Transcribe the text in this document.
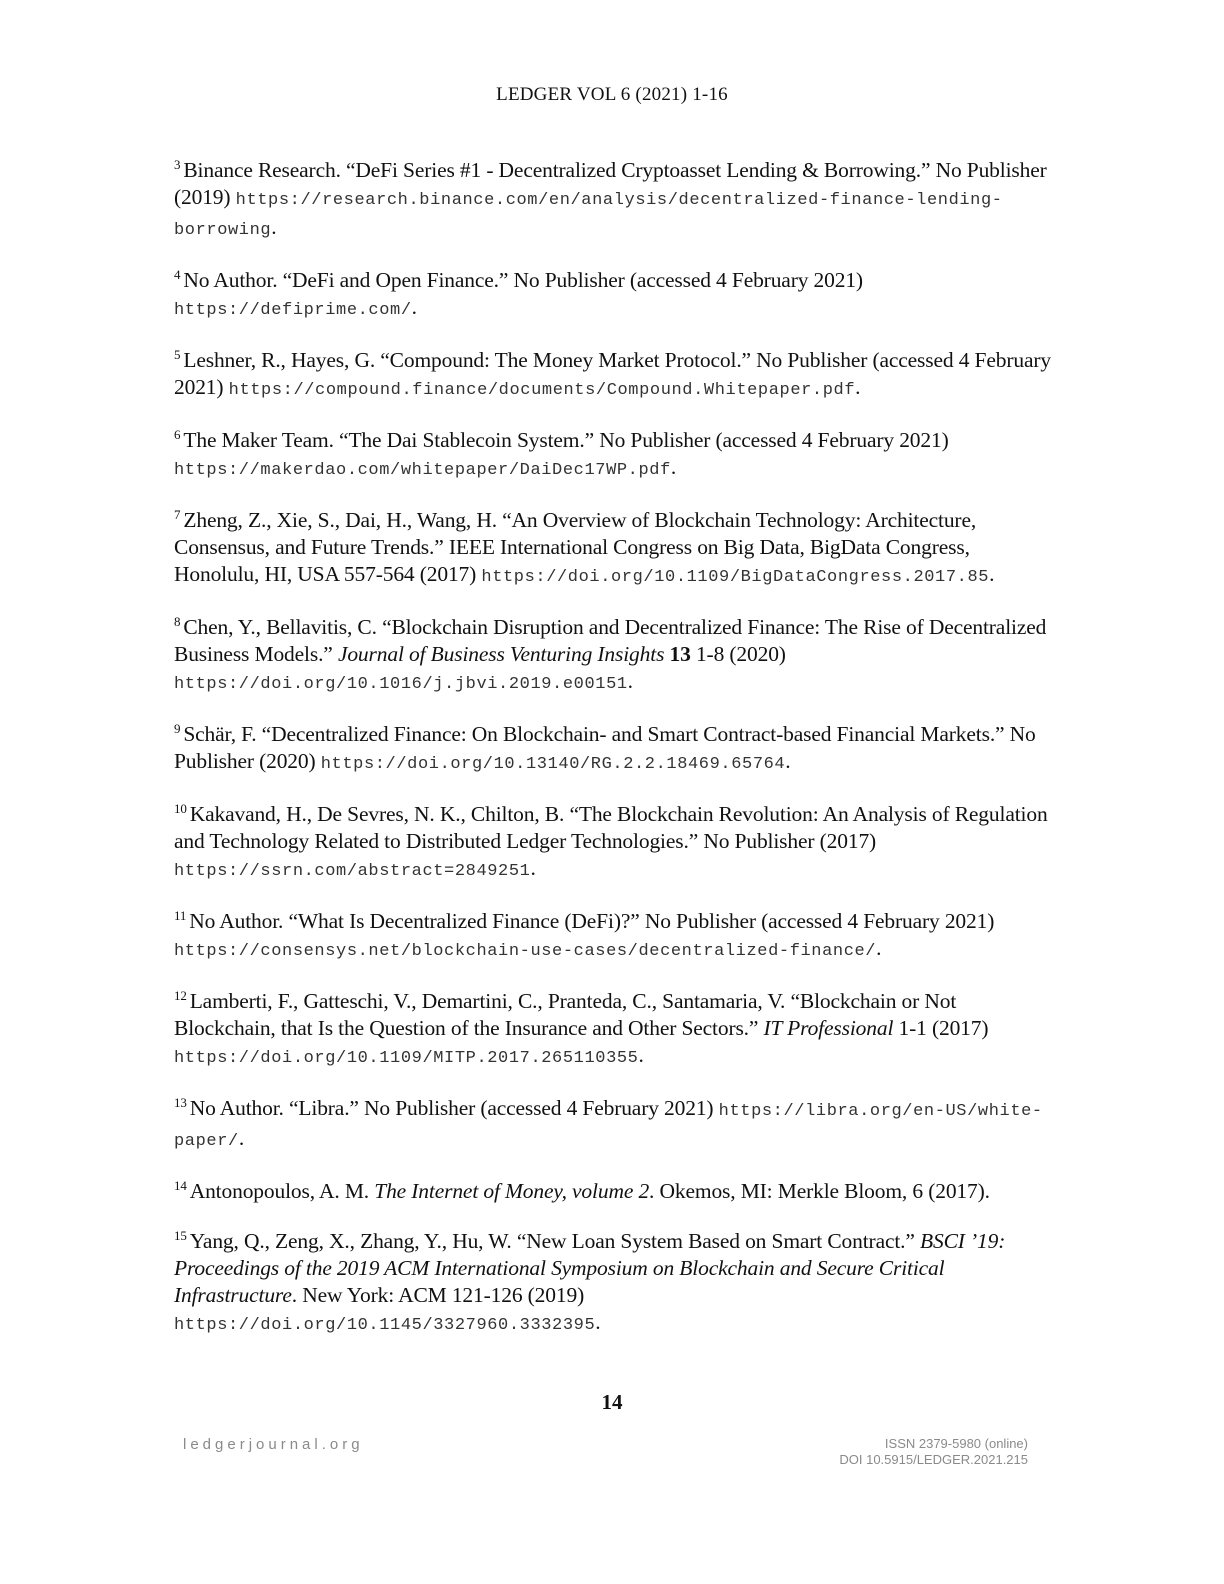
LEDGER VOL 6 (2021) 1-16

$^3$ Binance Research. “DeFi Series #1 - Decentralized Cryptoasset Lending & Borrowing.” No Publisher (2019) https://research.binance.com/en/analysis/decentralized-finance-lending-borrowing.

$^4$ No Author. “DeFi and Open Finance.” No Publisher (accessed 4 February 2021)
https://defiprime.com/.

$^5$ Leshner, R., Hayes, G. “Compound: The Money Market Protocol.” No Publisher (accessed 4 February 2021) https://compound.finance/documents/Compound.Whitepaper.pdf.

$^6$ The Maker Team. “The Dai Stablecoin System.” No Publisher (accessed 4 February 2021)
https://makerdao.com/whitepaper/DaiDec17WP.pdf.

$^7$ Zheng, Z., Xie, S., Dai, H., Wang, H. “An Overview of Blockchain Technology: Architecture, Consensus, and Future Trends.” IEEE International Congress on Big Data, BigData Congress, Honolulu, HI, USA 557-564 (2017) https://doi.org/10.1109/BigDataCongress.2017.85.

$^8$ Chen, Y., Bellavitis, C. “Blockchain Disruption and Decentralized Finance: The Rise of Decentralized Business Models.” Journal of Business Venturing Insights 13 1-8 (2020)
https://doi.org/10.1016/j.jbvi.2019.e00151.

$^9$ Schär, F. “Decentralized Finance: On Blockchain- and Smart Contract-based Financial Markets.” No Publisher (2020) https://doi.org/10.13140/RG.2.2.18469.65764.

$^{10}$ Kakavand, H., De Sevres, N. K., Chilton, B. “The Blockchain Revolution: An Analysis of Regulation and Technology Related to Distributed Ledger Technologies.” No Publisher (2017) https://ssrn.com/abstract=2849251.

$^{11}$ No Author. “What Is Decentralized Finance (DeFi)?” No Publisher (accessed 4 February 2021) https://consensys.net/blockchain-use-cases/decentralized-finance/.

$^{12}$ Lamberti, F., Gatteschi, V., Demartini, C., Pranteda, C., Santamaria, V. “Blockchain or Not Blockchain, that Is the Question of the Insurance and Other Sectors.” IT Professional 1-1 (2017) https://doi.org/10.1109/MITP.2017.265110355.

$^{13}$ No Author. “Libra.” No Publisher (accessed 4 February 2021) https://libra.org/en-US/white-paper/.

$^{14}$ Antonopoulos, A. M. The Internet of Money, volume 2. Okemos, MI: Merkle Bloom, 6 (2017).

$^{15}$ Yang, Q., Zeng, X., Zhang, Y., Hu, W. “New Loan System Based on Smart Contract.” BSCI ’19: Proceedings of the 2019 ACM International Symposium on Blockchain and Secure Critical Infrastructure. New York: ACM 121-126 (2019)
https://doi.org/10.1145/3327960.3332395.

14
ledgerjournal.org	ISSN 2379-5980 (online)
DOI 10.5915/LEDGER.2021.215
